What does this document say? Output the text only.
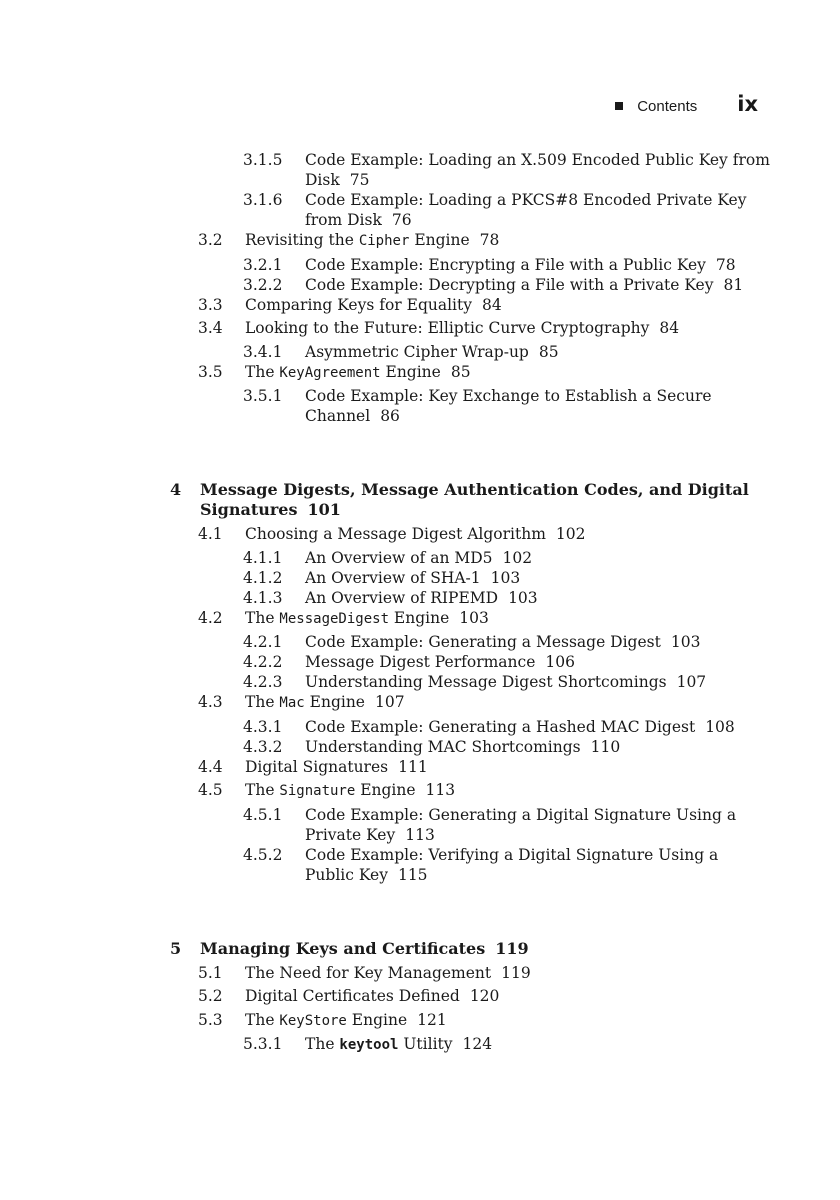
Contents ix
3.1.5 Code Example: Loading an X.509 Encoded Public Key from Disk 75
3.1.6 Code Example: Loading a PKCS#8 Encoded Private Key from Disk 76
3.2 Revisiting the Cipher Engine 78
3.2.1 Code Example: Encrypting a File with a Public Key 78
3.2.2 Code Example: Decrypting a File with a Private Key 81
3.3 Comparing Keys for Equality 84
3.4 Looking to the Future: Elliptic Curve Cryptography 84
3.4.1 Asymmetric Cipher Wrap-up 85
3.5 The KeyAgreement Engine 85
3.5.1 Code Example: Key Exchange to Establish a Secure Channel 86
4 Message Digests, Message Authentication Codes, and Digital Signatures 101
4.1 Choosing a Message Digest Algorithm 102
4.1.1 An Overview of an MD5 102
4.1.2 An Overview of SHA-1 103
4.1.3 An Overview of RIPEMD 103
4.2 The MessageDigest Engine 103
4.2.1 Code Example: Generating a Message Digest 103
4.2.2 Message Digest Performance 106
4.2.3 Understanding Message Digest Shortcomings 107
4.3 The Mac Engine 107
4.3.1 Code Example: Generating a Hashed MAC Digest 108
4.3.2 Understanding MAC Shortcomings 110
4.4 Digital Signatures 111
4.5 The Signature Engine 113
4.5.1 Code Example: Generating a Digital Signature Using a Private Key 113
4.5.2 Code Example: Verifying a Digital Signature Using a Public Key 115
5 Managing Keys and Certificates 119
5.1 The Need for Key Management 119
5.2 Digital Certificates Defined 120
5.3 The KeyStore Engine 121
5.3.1 The keytool Utility 124
